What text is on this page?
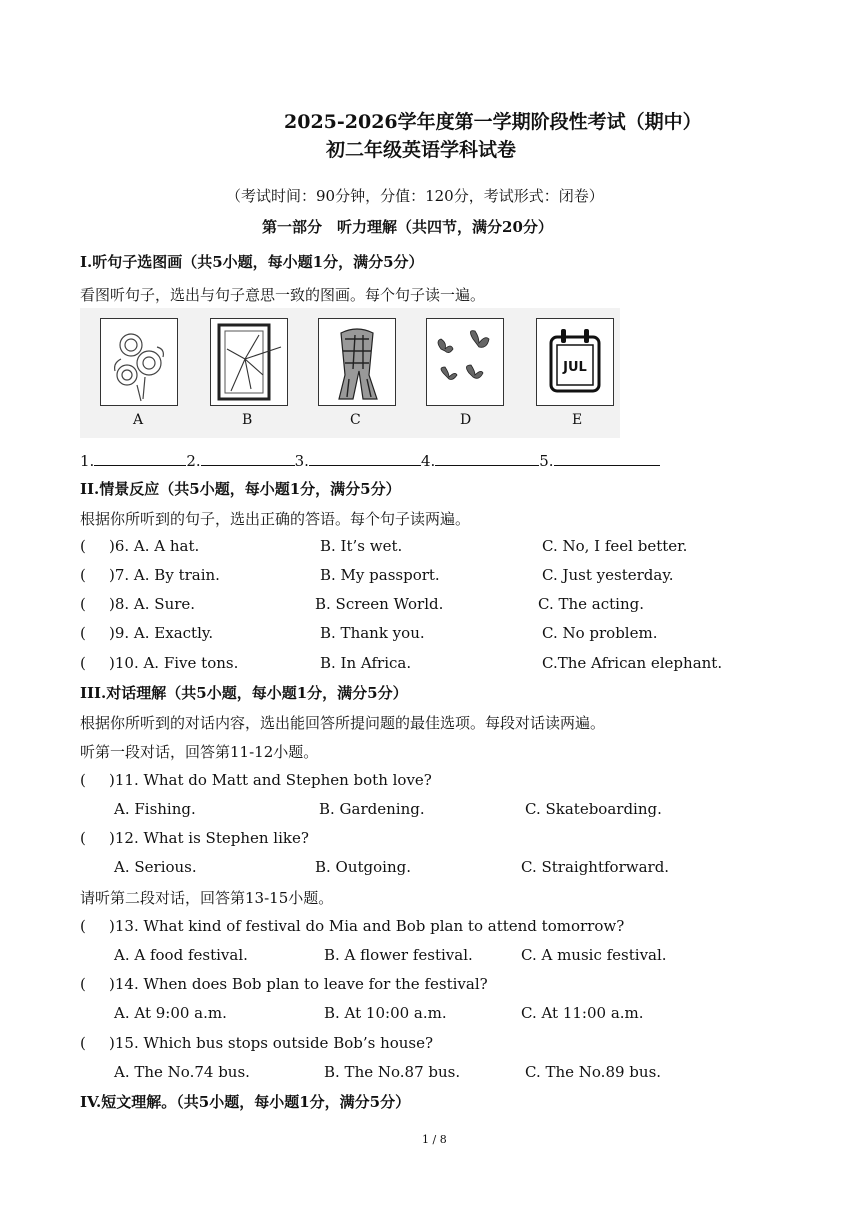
2025-2026学年度第一学期阶段性考试（期中）
初二年级英语学科试卷
（考试时间：90分钟，分值：120分，考试形式：闭卷）
第一部分　听力理解（共四节，满分20分）
I.听句子选图画（共5小题，每小题1分，满分5分）
看图听句子，选出与句子意思一致的图画。每个句子读一遍。
A	B	C	D
JUL
E
1.	2.	3.	4.	5.
II.情景反应（共5小题，每小题1分，满分5分）
根据你所听到的句子，选出正确的答语。每个句子读两遍。
( )6. A. A hat.	B. It’s wet.	C. No, I feel better.
( )7. A. By train.	B. My passport.	C. Just yesterday.
( )8. A. Sure.	B. Screen World.	C. The acting.
( )9. A. Exactly.	B. Thank you.	C. No problem.
( )10. A. Five tons.	B. In Africa.	C.The African elephant.
III.对话理解（共5小题，每小题1分，满分5分）
根据你所听到的对话内容，选出能回答所提问题的最佳选项。每段对话读两遍。
听第一段对话，回答第11-12小题。
( )11. What do Matt and Stephen both love?
A. Fishing.	B. Gardening.	C. Skateboarding.
( )12. What is Stephen like?
A. Serious.	B. Outgoing.	C. Straightforward.
请听第二段对话，回答第13-15小题。
( )13. What kind of festival do Mia and Bob plan to attend tomorrow?
A. A food festival.	B. A flower festival.	C. A music festival.
( )14. When does Bob plan to leave for the festival?
A. At 9:00 a.m.	B. At 10:00 a.m.	C. At 11:00 a.m.
( )15. Which bus stops outside Bob’s house?
A. The No.74 bus.	B. The No.87 bus.	C. The No.89 bus.
IV.短文理解。（共5小题，每小题1分，满分5分）
1 / 8
